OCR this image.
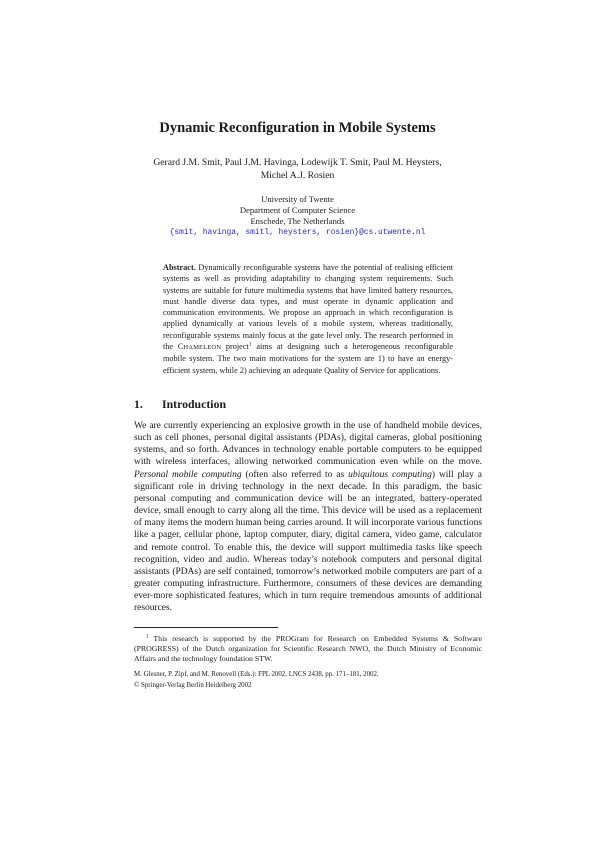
Dynamic Reconfiguration in Mobile Systems
Gerard J.M. Smit, Paul J.M. Havinga, Lodewijk T. Smit, Paul M. Heysters,
Michel A.J. Rosien
University of Twente
Department of Computer Science
Enschede, The Netherlands
{smit, havinga, smitl, heysters, rosien}@cs.utwente.nl
Abstract. Dynamically reconfigurable systems have the potential of realising efficient systems as well as providing adaptability to changing system requirements. Such systems are suitable for future multimedia systems that have limited battery resources, must handle diverse data types, and must operate in dynamic application and communication environments. We propose an approach in which reconfiguration is applied dynamically at various levels of a mobile system, whereas traditionally, reconfigurable systems mainly focus at the gate level only. The research performed in the CHAMELEON project$^1$ aims at designing such a heterogeneous reconfigurable mobile system. The two main motivations for the system are 1) to have an energy-efficient system, while 2) achieving an adequate Quality of Service for applications.
1. Introduction
We are currently experiencing an explosive growth in the use of handheld mobile devices, such as cell phones, personal digital assistants (PDAs), digital cameras, global positioning systems, and so forth. Advances in technology enable portable computers to be equipped with wireless interfaces, allowing networked communication even while on the move. Personal mobile computing (often also referred to as ubiquitous computing) will play a significant role in driving technology in the next decade. In this paradigm, the basic personal computing and communication device will be an integrated, battery-operated device, small enough to carry along all the time. This device will be used as a replacement of many items the modern human being carries around. It will incorporate various functions like a pager, cellular phone, laptop computer, diary, digital camera, video game, calculator and remote control. To enable this, the device will support multimedia tasks like speech recognition, video and audio. Whereas today’s notebook computers and personal digital assistants (PDAs) are self contained, tomorrow’s networked mobile computers are part of a greater computing infrastructure. Furthermore, consumers of these devices are demanding ever-more sophisticated features, which in turn require tremendous amounts of additional resources.
$^1$ This research is supported by the PROGram for Research on Embedded Systems & Software (PROGRESS) of the Dutch organization for Scientific Research NWO, the Dutch Ministry of Economic Affairs and the technology foundation STW.
M. Glesner, P. Zipf, and M. Renovell (Eds.): FPL 2002, LNCS 2438, pp. 171–181, 2002.
© Springer-Verlag Berlin Heidelberg 2002
